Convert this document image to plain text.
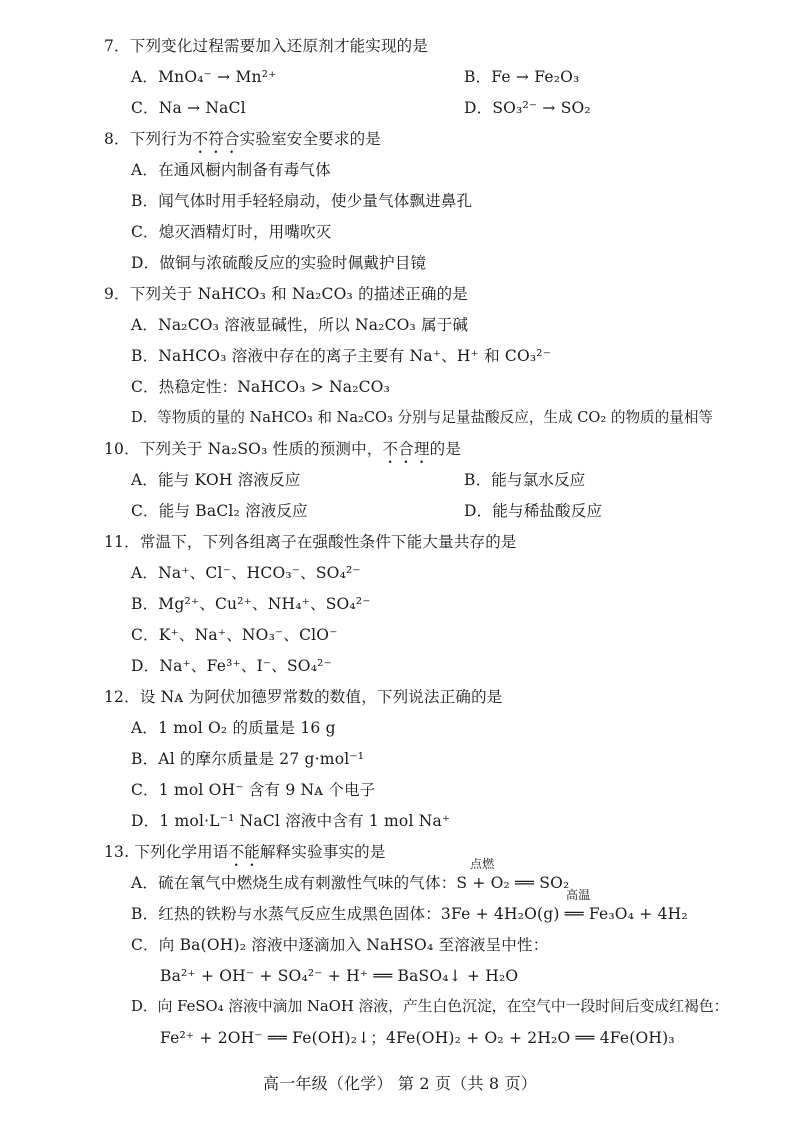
7．下列变化过程需要加入还原剂才能实现的是
A．MnO₄⁻ → Mn²⁺	B．Fe → Fe₂O₃
C．Na → NaCl	D．SO₃²⁻ → SO₂
8．下列行为不符合实验室安全要求的是
A．在通风橱内制备有毒气体
B．闻气体时用手轻轻扇动，使少量气体飘进鼻孔
C．熄灭酒精灯时，用嘴吹灭
D．做铜与浓硫酸反应的实验时佩戴护目镜
9．下列关于 NaHCO₃ 和 Na₂CO₃ 的描述正确的是
A．Na₂CO₃ 溶液显碱性，所以 Na₂CO₃ 属于碱
B．NaHCO₃ 溶液中存在的离子主要有 Na⁺、H⁺ 和 CO₃²⁻
C．热稳定性：NaHCO₃ > Na₂CO₃
D．等物质的量的 NaHCO₃ 和 Na₂CO₃ 分别与足量盐酸反应，生成 CO₂ 的物质的量相等
10．下列关于 Na₂SO₃ 性质的预测中，不合理的是
A．能与 KOH 溶液反应	B．能与氯水反应
C．能与 BaCl₂ 溶液反应	D．能与稀盐酸反应
11．常温下，下列各组离子在强酸性条件下能大量共存的是
A．Na⁺、Cl⁻、HCO₃⁻、SO₄²⁻
B．Mg²⁺、Cu²⁺、NH₄⁺、SO₄²⁻
C．K⁺、Na⁺、NO₃⁻、ClO⁻
D．Na⁺、Fe³⁺、I⁻、SO₄²⁻
12．设 Nᴀ 为阿伏加德罗常数的数值，下列说法正确的是
A．1 mol O₂ 的质量是 16 g
B．Al 的摩尔质量是 27 g·mol⁻¹
C．1 mol OH⁻ 含有 9 Nᴀ 个电子
D．1 mol·L⁻¹ NaCl 溶液中含有 1 mol Na⁺
13. 下列化学用语不能解释实验事实的是
点燃
A．硫在氧气中燃烧生成有刺激性气味的气体：S + O₂ ══ SO₂
高温
B．红热的铁粉与水蒸气反应生成黑色固体：3Fe + 4H₂O(g) ══ Fe₃O₄ + 4H₂
C．向 Ba(OH)₂ 溶液中逐滴加入 NaHSO₄ 至溶液呈中性：
Ba²⁺ + OH⁻ + SO₄²⁻ + H⁺ ══ BaSO₄↓ + H₂O
D．向 FeSO₄ 溶液中滴加 NaOH 溶液，产生白色沉淀，在空气中一段时间后变成红褐色：
Fe²⁺ + 2OH⁻ ══ Fe(OH)₂↓；4Fe(OH)₂ + O₂ + 2H₂O ══ 4Fe(OH)₃
高一年级（化学） 第 2 页（共 8 页）
